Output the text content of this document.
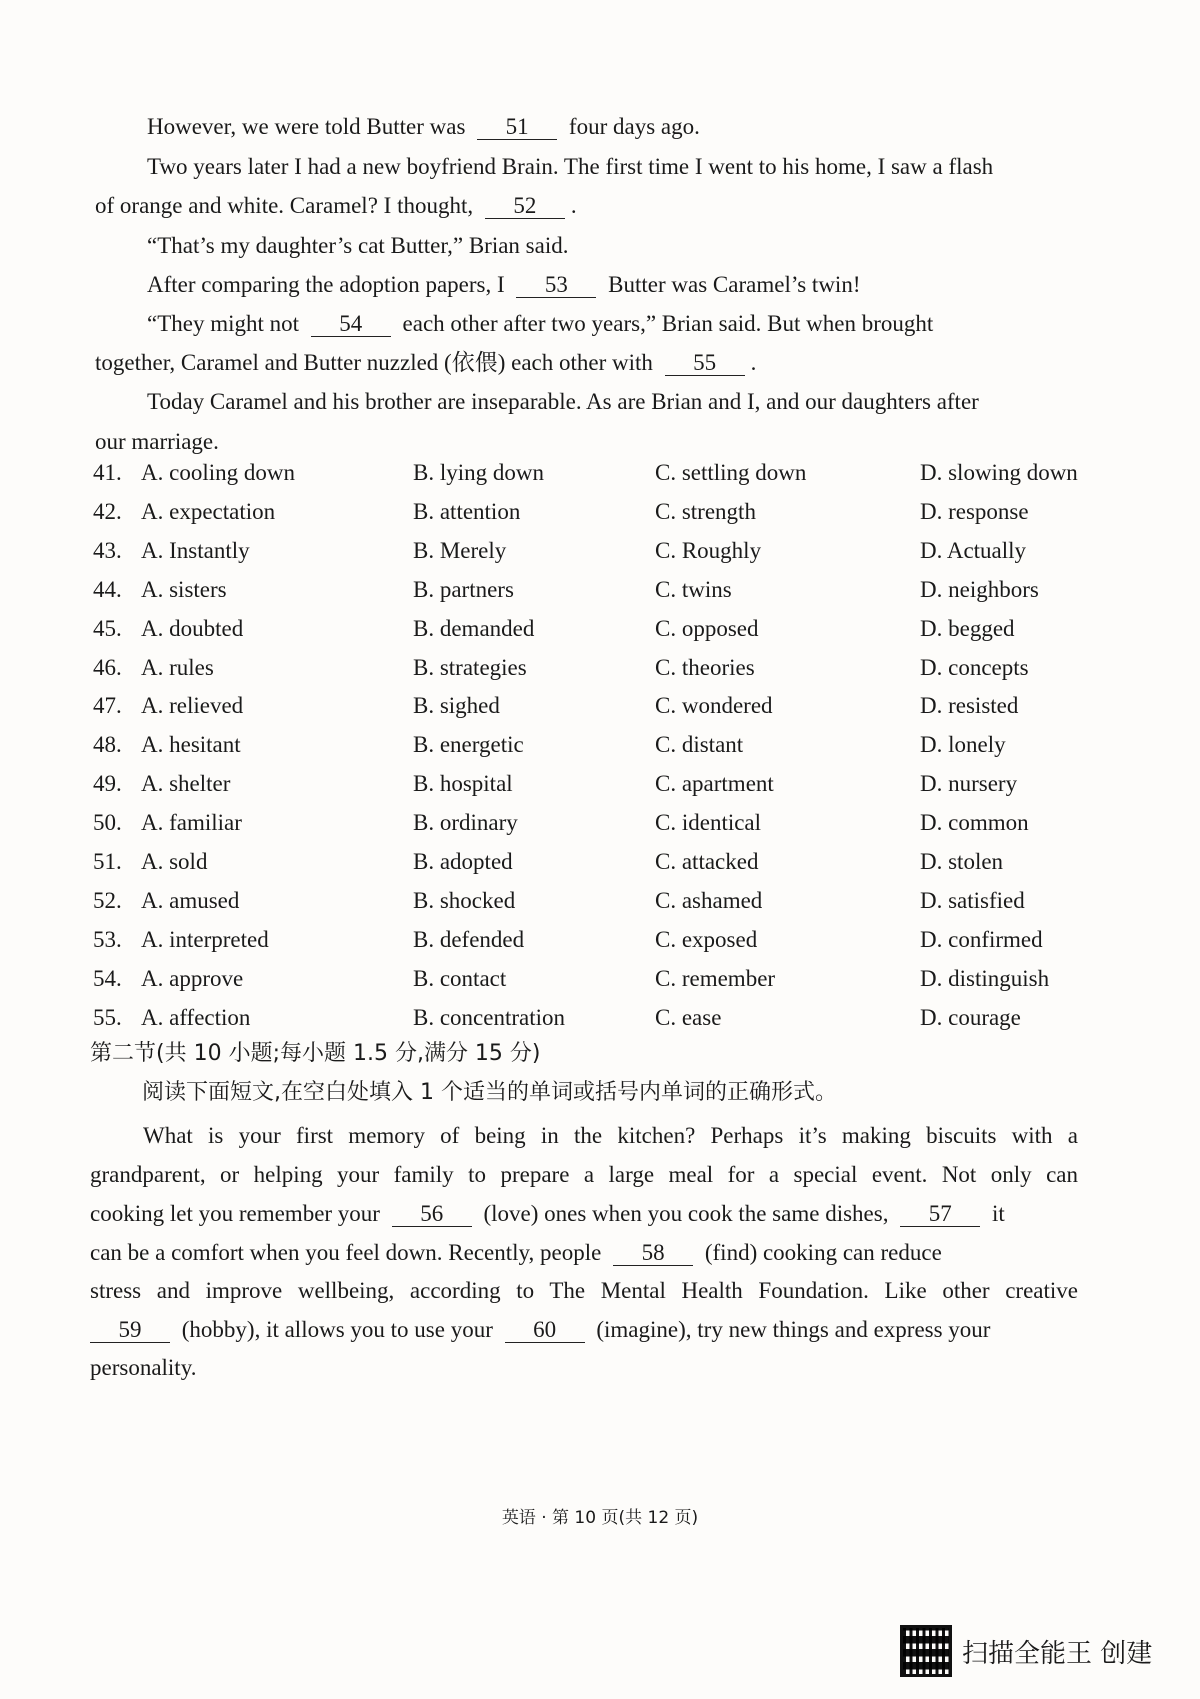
However, we were told Butter was 51 four days ago.
Two years later I had a new boyfriend Brain. The first time I went to his home, I saw a flash
of orange and white. Caramel? I thought, 52 .
“That’s my daughter’s cat Butter,” Brian said.
After comparing the adoption papers, I 53 Butter was Caramel’s twin!
“They might not 54 each other after two years,” Brian said. But when brought
together, Caramel and Butter nuzzled (依偎) each other with 55 .
Today Caramel and his brother are inseparable. As are Brian and I, and our daughters after
our marriage.
41. A. cooling down	B. lying down	C. settling down	D. slowing down
42. A. expectation	B. attention	C. strength	D. response
43. A. Instantly	B. Merely	C. Roughly	D. Actually
44. A. sisters	B. partners	C. twins	D. neighbors
45. A. doubted	B. demanded	C. opposed	D. begged
46. A. rules	B. strategies	C. theories	D. concepts
47. A. relieved	B. sighed	C. wondered	D. resisted
48. A. hesitant	B. energetic	C. distant	D. lonely
49. A. shelter	B. hospital	C. apartment	D. nursery
50. A. familiar	B. ordinary	C. identical	D. common
51. A. sold	B. adopted	C. attacked	D. stolen
52. A. amused	B. shocked	C. ashamed	D. satisfied
53. A. interpreted	B. defended	C. exposed	D. confirmed
54. A. approve	B. contact	C. remember	D. distinguish
55. A. affection	B. concentration	C. ease	D. courage
第二节(共 10 小题;每小题 1.5 分,满分 15 分)
阅读下面短文,在空白处填入 1 个适当的单词或括号内单词的正确形式。
What is your first memory of being in the kitchen? Perhaps it’s making biscuits with a
grandparent, or helping your family to prepare a large meal for a special event. Not only can
cooking let you remember your 56 (love) ones when you cook the same dishes, 57 it
can be a comfort when you feel down. Recently, people 58 (find) cooking can reduce
stress and improve wellbeing, according to The Mental Health Foundation. Like other creative
59 (hobby), it allows you to use your 60 (imagine), try new things and express your
personality.
英语 · 第 10 页(共 12 页)
扫描全能王 创建
